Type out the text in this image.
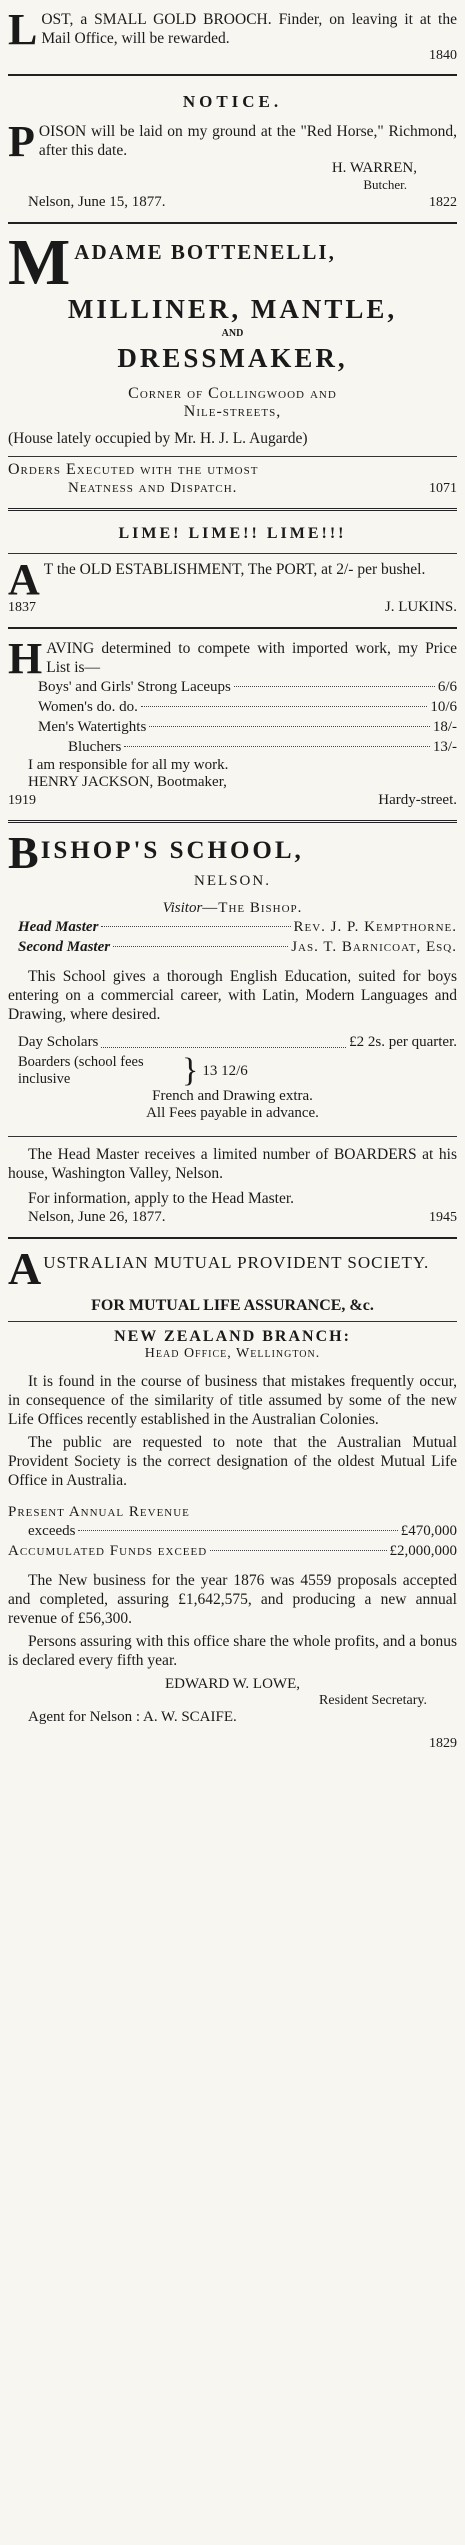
LOST, a SMALL GOLD BROOCH. Finder, on leaving it at the Mail Office, will be rewarded.

1840
NOTICE.

POISON will be laid on my ground at the "Red Horse," Richmond, after this date.

H. WARREN,
Butcher.
Nelson, June 15, 1877.	1822
M ADAME BOTTENELLI,
MILLINER, MANTLE,
AND
DRESSMAKER,
Corner of Collingwood and
Nile-streets,

(House lately occupied by Mr. H. J. L. Augarde)

Orders Executed with the utmost
Neatness and Dispatch.	1071
LIME! LIME!! LIME!!!

A T the OLD ESTABLISHMENT, The PORT, at 2/- per bushel.

1837	J. LUKINS.

HAVING determined to compete with imported work, my Price List is—

Boys' and Girls' Strong Laceups	6/6
Women's do. do.	10/6
Men's Watertights	18/-
Bluchers	13/-
I am responsible for all my work.
HENRY JACKSON, Bootmaker,
1919	Hardy-street.
B ISHOP'S SCHOOL,
NELSON.
Visitor—The Bishop.
Head Master	Rev. J. P. Kempthorne.
Second Master	Jas. T. Barnicoat, Esq.

This School gives a thorough English Education, suited for boys entering on a commercial career, with Latin, Modern Languages and Drawing, where desired.

Day Scholars	£2 2s. per quarter.
Boarders (school fees inclusive	} 13 12/6
French and Drawing extra.
All Fees payable in advance.

The Head Master receives a limited number of BOARDERS at his house, Washington Valley, Nelson.

For information, apply to the Head Master.

Nelson, June 26, 1877.	1945
A USTRALIAN MUTUAL PROVIDENT SOCIETY.
FOR MUTUAL LIFE ASSURANCE, &c.
NEW ZEALAND BRANCH:
Head Office, Wellington.

It is found in the course of business that mistakes frequently occur, in consequence of the similarity of title assumed by some of the new Life Offices recently established in the Australian Colonies.

The public are requested to note that the Australian Mutual Provident Society is the correct designation of the oldest Mutual Life Office in Australia.

Present Annual Revenue
exceeds	£470,000
Accumulated Funds exceed	£2,000,000

The New business for the year 1876 was 4559 proposals accepted and completed, assuring £1,642,575, and producing a new annual revenue of £56,300.

Persons assuring with this office share the whole profits, and a bonus is declared every fifth year.

EDWARD W. LOWE,
Resident Secretary.
Agent for Nelson : A. W. SCAIFE.
1829
